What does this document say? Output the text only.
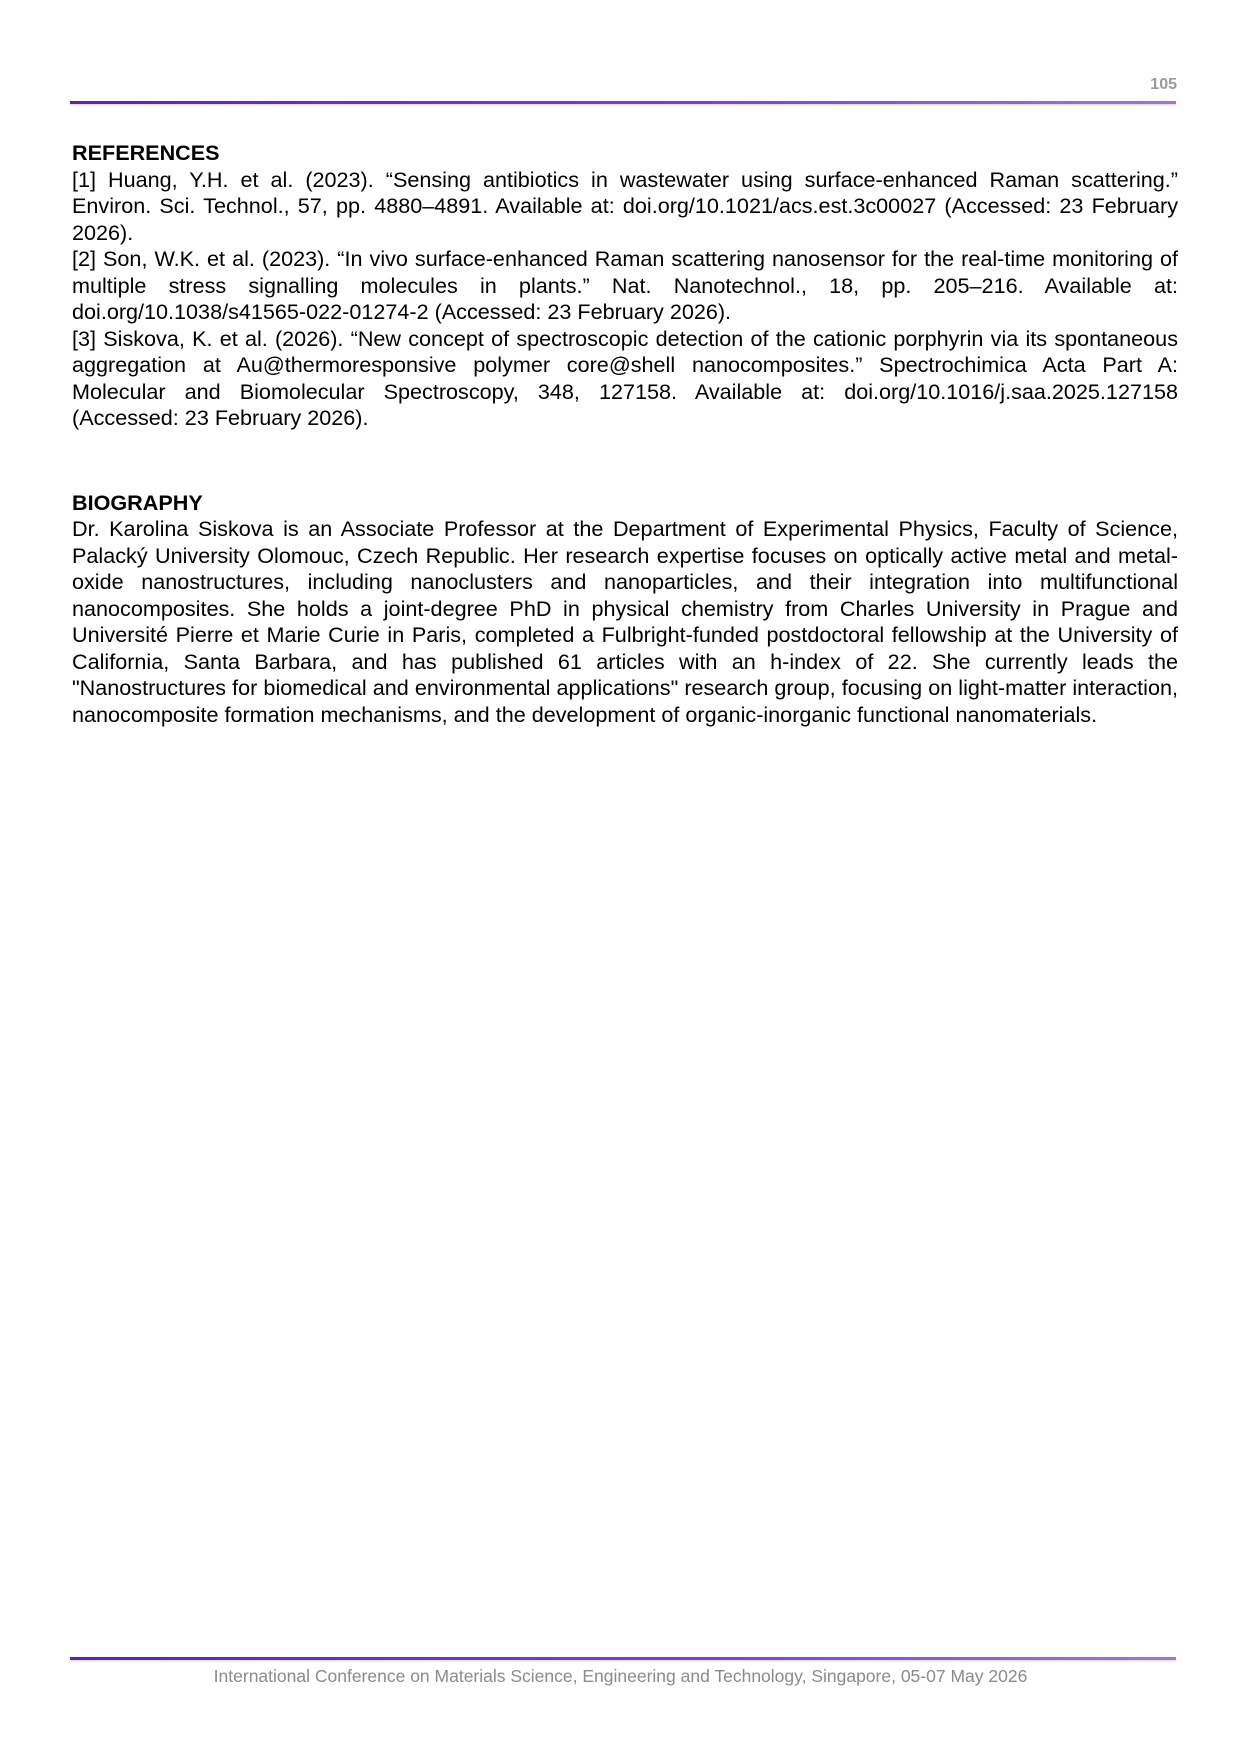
105

REFERENCES

[1] Huang, Y.H. et al. (2023). “Sensing antibiotics in wastewater using surface-enhanced Raman scattering.” Environ. Sci. Technol., 57, pp. 4880–4891. Available at: doi.org/10.1021/acs.est.3c00027 (Accessed: 23 February 2026).

[2] Son, W.K. et al. (2023). “In vivo surface-enhanced Raman scattering nanosensor for the real-time monitoring of multiple stress signalling molecules in plants.” Nat. Nanotechnol., 18, pp. 205–216. Available at: doi.org/10.1038/s41565-022-01274-2 (Accessed: 23 February 2026).

[3] Siskova, K. et al. (2026). “New concept of spectroscopic detection of the cationic porphyrin via its spontaneous aggregation at Au@thermoresponsive polymer core@shell nanocomposites.” Spectrochimica Acta Part A: Molecular and Biomolecular Spectroscopy, 348, 127158. Available at: doi.org/10.1016/j.saa.2025.127158 (Accessed: 23 February 2026).

BIOGRAPHY

Dr. Karolina Siskova is an Associate Professor at the Department of Experimental Physics, Faculty of Science, Palacký University Olomouc, Czech Republic. Her research expertise focuses on optically active metal and metal-oxide nanostructures, including nanoclusters and nanoparticles, and their integration into multifunctional nanocomposites. She holds a joint-degree PhD in physical chemistry from Charles University in Prague and Université Pierre et Marie Curie in Paris, completed a Fulbright-funded postdoctoral fellowship at the University of California, Santa Barbara, and has published 61 articles with an h-index of 22. She currently leads the "Nanostructures for biomedical and environmental applications" research group, focusing on light-matter interaction, nanocomposite formation mechanisms, and the development of organic-inorganic functional nanomaterials.

International Conference on Materials Science, Engineering and Technology, Singapore, 05-07 May 2026
